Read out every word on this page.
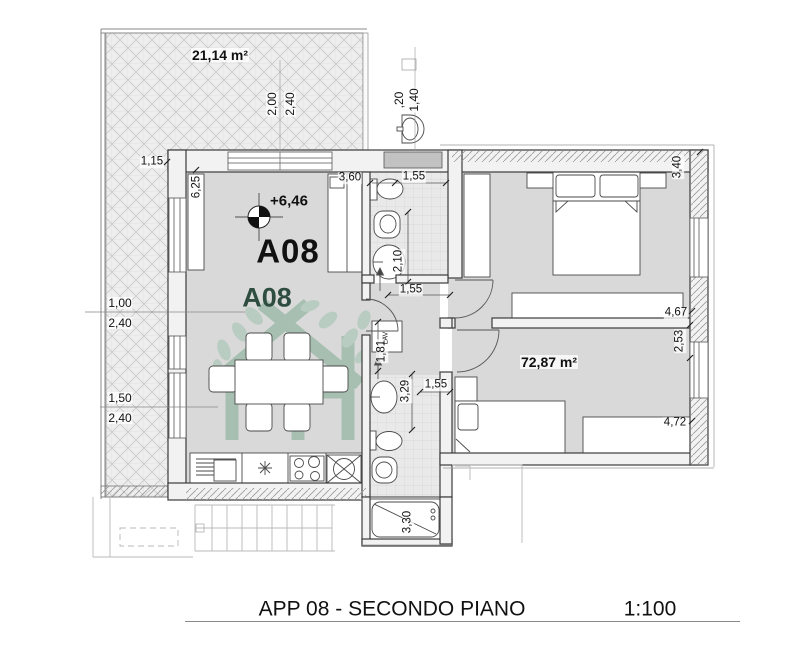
21,14 m²
2,00 2,40	,20 1,40
1,15
6,25	3,60	1,55
+6,46
A08
A08
3,40
2,10
1,55
1,00
2,40
4,67
2,53
1,50
2,40
1,81
LAV
3,29 1,55
72,87 m²
4,72
3,30
APP 08 - SECONDO PIANO	1:100
